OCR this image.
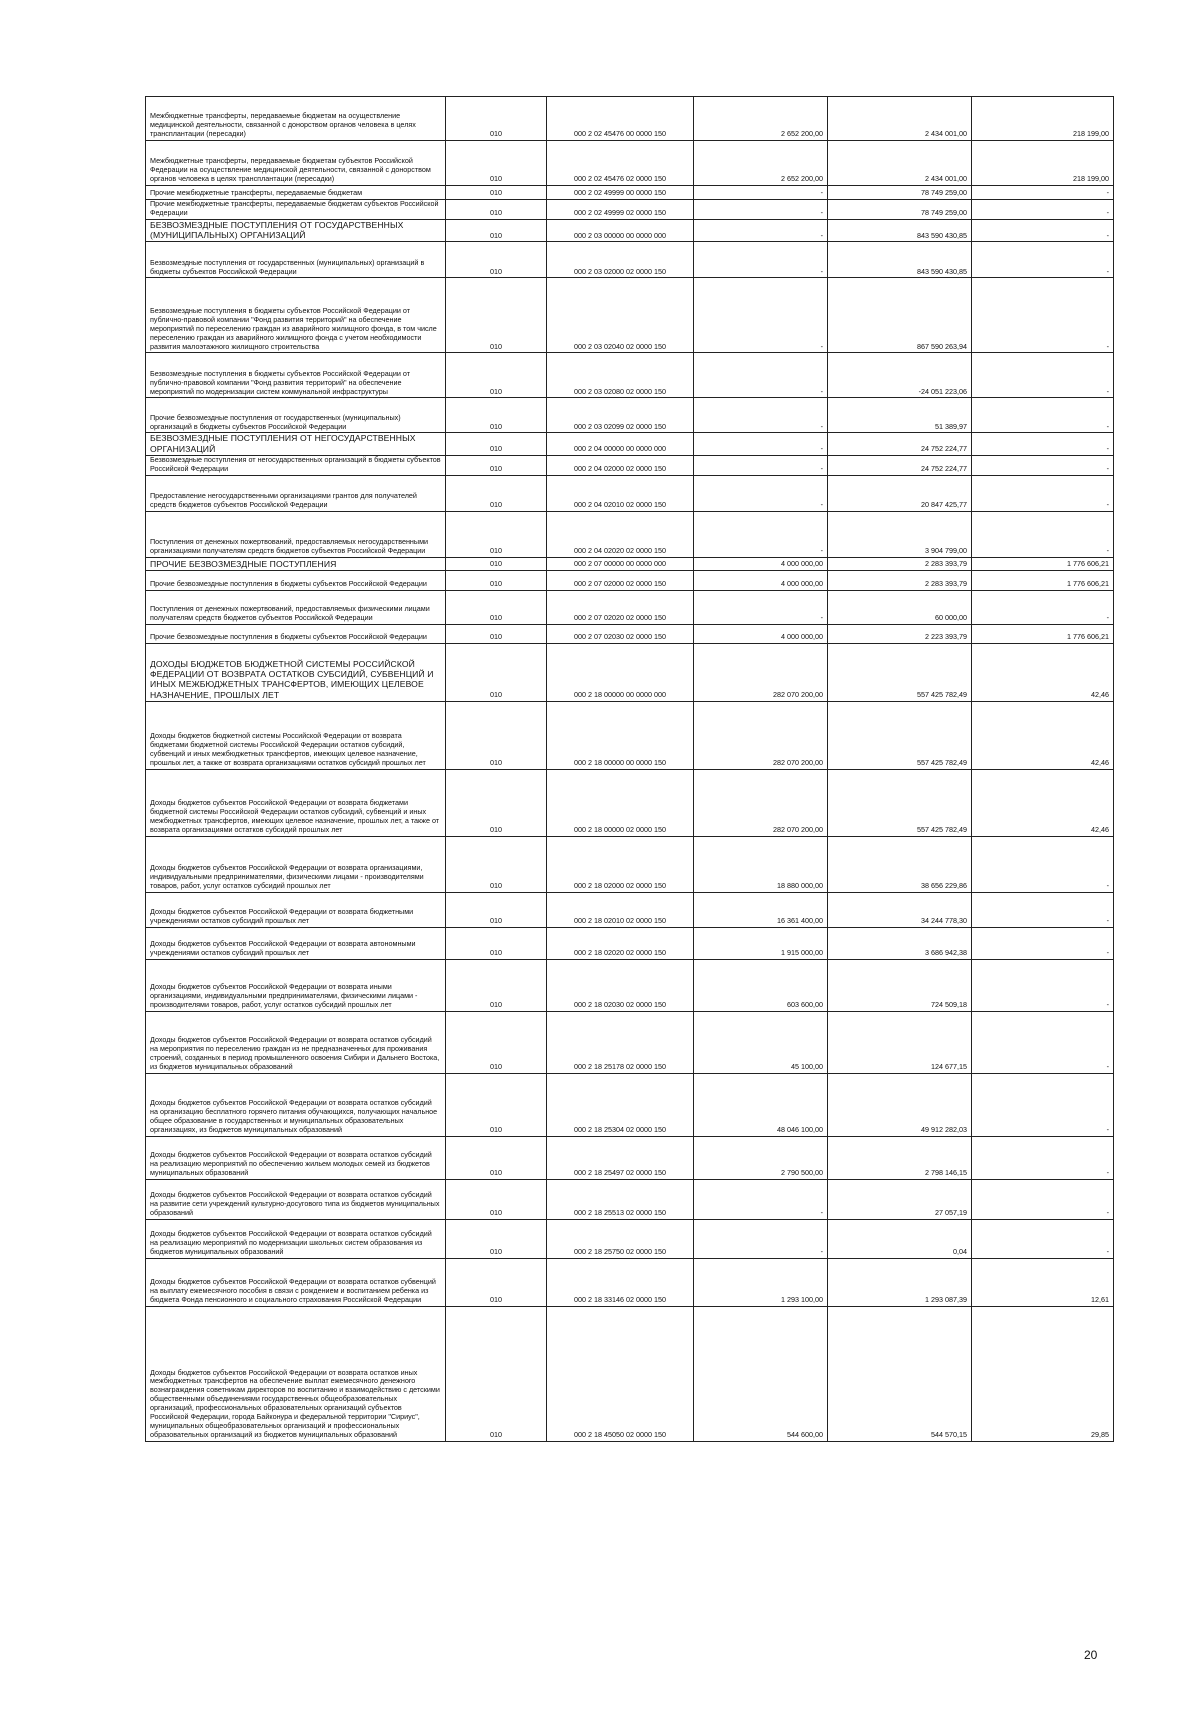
Межбюджетные трансферты, передаваемые бюджетам на осуществление медицинской деятельности, связанной с донорством органов человека в целях трансплантации (пересадки)	010	000 2 02 45476 00 0000 150	2 652 200,00	2 434 001,00	218 199,00
Межбюджетные трансферты, передаваемые бюджетам субъектов Российской Федерации на осуществление медицинской деятельности, связанной с донорством органов человека в целях трансплантации (пересадки)	010	000 2 02 45476 02 0000 150	2 652 200,00	2 434 001,00	218 199,00
Прочие межбюджетные трансферты, передаваемые бюджетам	010	000 2 02 49999 00 0000 150	-	78 749 259,00	-
Прочие межбюджетные трансферты, передаваемые бюджетам субъектов Российской Федерации	010	000 2 02 49999 02 0000 150	-	78 749 259,00	-
БЕЗВОЗМЕЗДНЫЕ ПОСТУПЛЕНИЯ ОТ ГОСУДАРСТВЕННЫХ (МУНИЦИПАЛЬНЫХ) ОРГАНИЗАЦИЙ	010	000 2 03 00000 00 0000 000	-	843 590 430,85	-
Безвозмездные поступления от государственных (муниципальных) организаций в бюджеты субъектов Российской Федерации	010	000 2 03 02000 02 0000 150	-	843 590 430,85	-
Безвозмездные поступления в бюджеты субъектов Российской Федерации от публично-правовой компании "Фонд развития территорий" на обеспечение мероприятий по переселению граждан из аварийного жилищного фонда, в том числе переселению граждан из аварийного жилищного фонда с учетом необходимости развития малоэтажного жилищного строительства	010	000 2 03 02040 02 0000 150	-	867 590 263,94	-
Безвозмездные поступления в бюджеты субъектов Российской Федерации от публично-правовой компании "Фонд развития территорий" на обеспечение мероприятий по модернизации систем коммунальной инфраструктуры	010	000 2 03 02080 02 0000 150	-	-24 051 223,06	-
Прочие безвозмездные поступления от государственных (муниципальных) организаций в бюджеты субъектов Российской Федерации	010	000 2 03 02099 02 0000 150	-	51 389,97	-
БЕЗВОЗМЕЗДНЫЕ ПОСТУПЛЕНИЯ ОТ НЕГОСУДАРСТВЕННЫХ ОРГАНИЗАЦИЙ	010	000 2 04 00000 00 0000 000	-	24 752 224,77	-
Безвозмездные поступления от негосударственных организаций в бюджеты субъектов Российской Федерации	010	000 2 04 02000 02 0000 150	-	24 752 224,77	-
Предоставление негосударственными организациями грантов для получателей средств бюджетов субъектов Российской Федерации	010	000 2 04 02010 02 0000 150	-	20 847 425,77	-
Поступления от денежных пожертвований, предоставляемых негосударственными организациями получателям средств бюджетов субъектов Российской Федерации	010	000 2 04 02020 02 0000 150	-	3 904 799,00	-
ПРОЧИЕ БЕЗВОЗМЕЗДНЫЕ ПОСТУПЛЕНИЯ	010	000 2 07 00000 00 0000 000	4 000 000,00	2 283 393,79	1 776 606,21
Прочие безвозмездные поступления в бюджеты субъектов Российской Федерации	010	000 2 07 02000 02 0000 150	4 000 000,00	2 283 393,79	1 776 606,21
Поступления от денежных пожертвований, предоставляемых физическими лицами получателям средств бюджетов субъектов Российской Федерации	010	000 2 07 02020 02 0000 150	-	60 000,00	-
Прочие безвозмездные поступления в бюджеты субъектов Российской Федерации	010	000 2 07 02030 02 0000 150	4 000 000,00	2 223 393,79	1 776 606,21
ДОХОДЫ БЮДЖЕТОВ БЮДЖЕТНОЙ СИСТЕМЫ РОССИЙСКОЙ ФЕДЕРАЦИИ ОТ ВОЗВРАТА ОСТАТКОВ СУБСИДИЙ, СУБВЕНЦИЙ И ИНЫХ МЕЖБЮДЖЕТНЫХ ТРАНСФЕРТОВ, ИМЕЮЩИХ ЦЕЛЕВОЕ НАЗНАЧЕНИЕ, ПРОШЛЫХ ЛЕТ	010	000 2 18 00000 00 0000 000	282 070 200,00	557 425 782,49	42,46
Доходы бюджетов бюджетной системы Российской Федерации от возврата бюджетами бюджетной системы Российской Федерации остатков субсидий, субвенций и иных межбюджетных трансфертов, имеющих целевое назначение, прошлых лет, а также от возврата организациями остатков субсидий прошлых лет	010	000 2 18 00000 00 0000 150	282 070 200,00	557 425 782,49	42,46
Доходы бюджетов субъектов Российской Федерации от возврата бюджетами бюджетной системы Российской Федерации остатков субсидий, субвенций и иных межбюджетных трансфертов, имеющих целевое назначение, прошлых лет, а также от возврата организациями остатков субсидий прошлых лет	010	000 2 18 00000 02 0000 150	282 070 200,00	557 425 782,49	42,46
Доходы бюджетов субъектов Российской Федерации от возврата организациями, индивидуальными предпринимателями, физическими лицами - производителями товаров, работ, услуг остатков субсидий прошлых лет	010	000 2 18 02000 02 0000 150	18 880 000,00	38 656 229,86	-
Доходы бюджетов субъектов Российской Федерации от возврата бюджетными учреждениями остатков субсидий прошлых лет	010	000 2 18 02010 02 0000 150	16 361 400,00	34 244 778,30	-
Доходы бюджетов субъектов Российской Федерации от возврата автономными учреждениями остатков субсидий прошлых лет	010	000 2 18 02020 02 0000 150	1 915 000,00	3 686 942,38	-
Доходы бюджетов субъектов Российской Федерации от возврата иными организациями, индивидуальными предпринимателями, физическими лицами - производителями товаров, работ, услуг остатков субсидий прошлых лет	010	000 2 18 02030 02 0000 150	603 600,00	724 509,18	-
Доходы бюджетов субъектов Российской Федерации от возврата остатков субсидий на мероприятия по переселению граждан из не предназначенных для проживания строений, созданных в период промышленного освоения Сибири и Дальнего Востока, из бюджетов муниципальных образований	010	000 2 18 25178 02 0000 150	45 100,00	124 677,15	-
Доходы бюджетов субъектов Российской Федерации от возврата остатков субсидий на организацию бесплатного горячего питания обучающихся, получающих начальное общее образование в государственных и муниципальных образовательных организациях, из бюджетов муниципальных образований	010	000 2 18 25304 02 0000 150	48 046 100,00	49 912 282,03	-
Доходы бюджетов субъектов Российской Федерации от возврата остатков субсидий на реализацию мероприятий по обеспечению жильем молодых семей из бюджетов муниципальных образований	010	000 2 18 25497 02 0000 150	2 790 500,00	2 798 146,15	-
Доходы бюджетов субъектов Российской Федерации от возврата остатков субсидий на развитие сети учреждений культурно-досугового типа из бюджетов муниципальных образований	010	000 2 18 25513 02 0000 150	-	27 057,19	-
Доходы бюджетов субъектов Российской Федерации от возврата остатков субсидий на реализацию мероприятий по модернизации школьных систем образования из бюджетов муниципальных образований	010	000 2 18 25750 02 0000 150	-	0,04	-
Доходы бюджетов субъектов Российской Федерации от возврата остатков субвенций на выплату ежемесячного пособия в связи с рождением и воспитанием ребенка из бюджета Фонда пенсионного и социального страхования Российской Федерации	010	000 2 18 33146 02 0000 150	1 293 100,00	1 293 087,39	12,61
Доходы бюджетов субъектов Российской Федерации от возврата остатков иных межбюджетных трансфертов на обеспечение выплат ежемесячного денежного вознаграждения советникам директоров по воспитанию и взаимодействию с детскими общественными объединениями государственных общеобразовательных организаций, профессиональных образовательных организаций субъектов Российской Федерации, города Байконура и федеральной территории "Сириус", муниципальных общеобразовательных организаций и профессиональных образовательных организаций из бюджетов муниципальных образований	010	000 2 18 45050 02 0000 150	544 600,00	544 570,15	29,85
20
